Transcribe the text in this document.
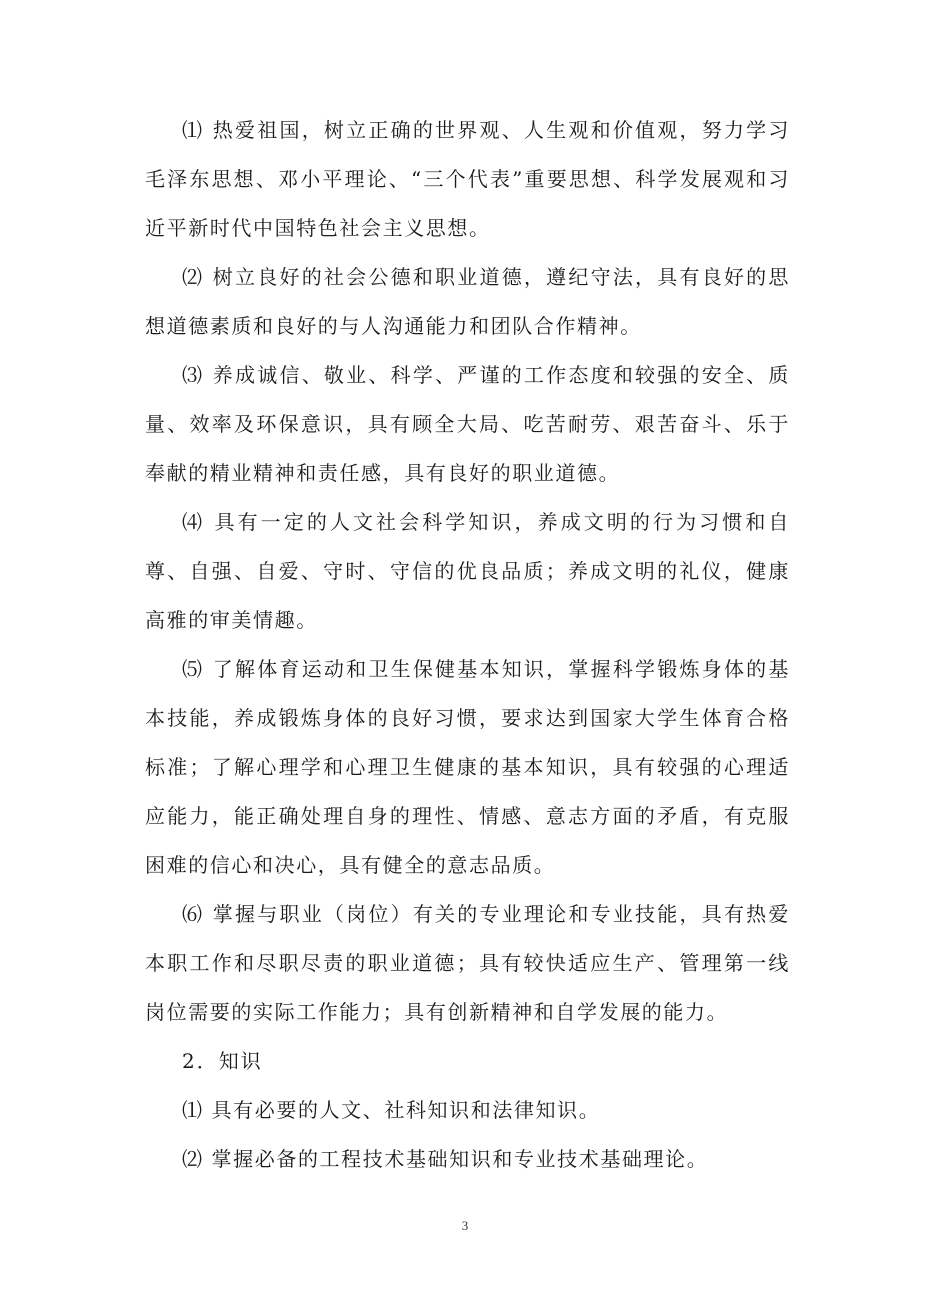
⑴ 热爱祖国，树立正确的世界观、人生观和价值观，努力学习毛泽东思想、邓小平理论、“三个代表”重要思想、科学发展观和习近平新时代中国特色社会主义思想。

⑵ 树立良好的社会公德和职业道德，遵纪守法，具有良好的思想道德素质和良好的与人沟通能力和团队合作精神。

⑶ 养成诚信、敬业、科学、严谨的工作态度和较强的安全、质量、效率及环保意识，具有顾全大局、吃苦耐劳、艰苦奋斗、乐于奉献的精业精神和责任感，具有良好的职业道德。

⑷ 具有一定的人文社会科学知识，养成文明的行为习惯和自尊、自强、自爱、守时、守信的优良品质；养成文明的礼仪，健康高雅的审美情趣。

⑸ 了解体育运动和卫生保健基本知识，掌握科学锻炼身体的基本技能，养成锻炼身体的良好习惯，要求达到国家大学生体育合格标准；了解心理学和心理卫生健康的基本知识，具有较强的心理适应能力，能正确处理自身的理性、情感、意志方面的矛盾，有克服困难的信心和决心，具有健全的意志品质。

⑹ 掌握与职业（岗位）有关的专业理论和专业技能，具有热爱本职工作和尽职尽责的职业道德；具有较快适应生产、管理第一线岗位需要的实际工作能力；具有创新精神和自学发展的能力。

2．知识

⑴ 具有必要的人文、社科知识和法律知识。

⑵ 掌握必备的工程技术基础知识和专业技术基础理论。

3
